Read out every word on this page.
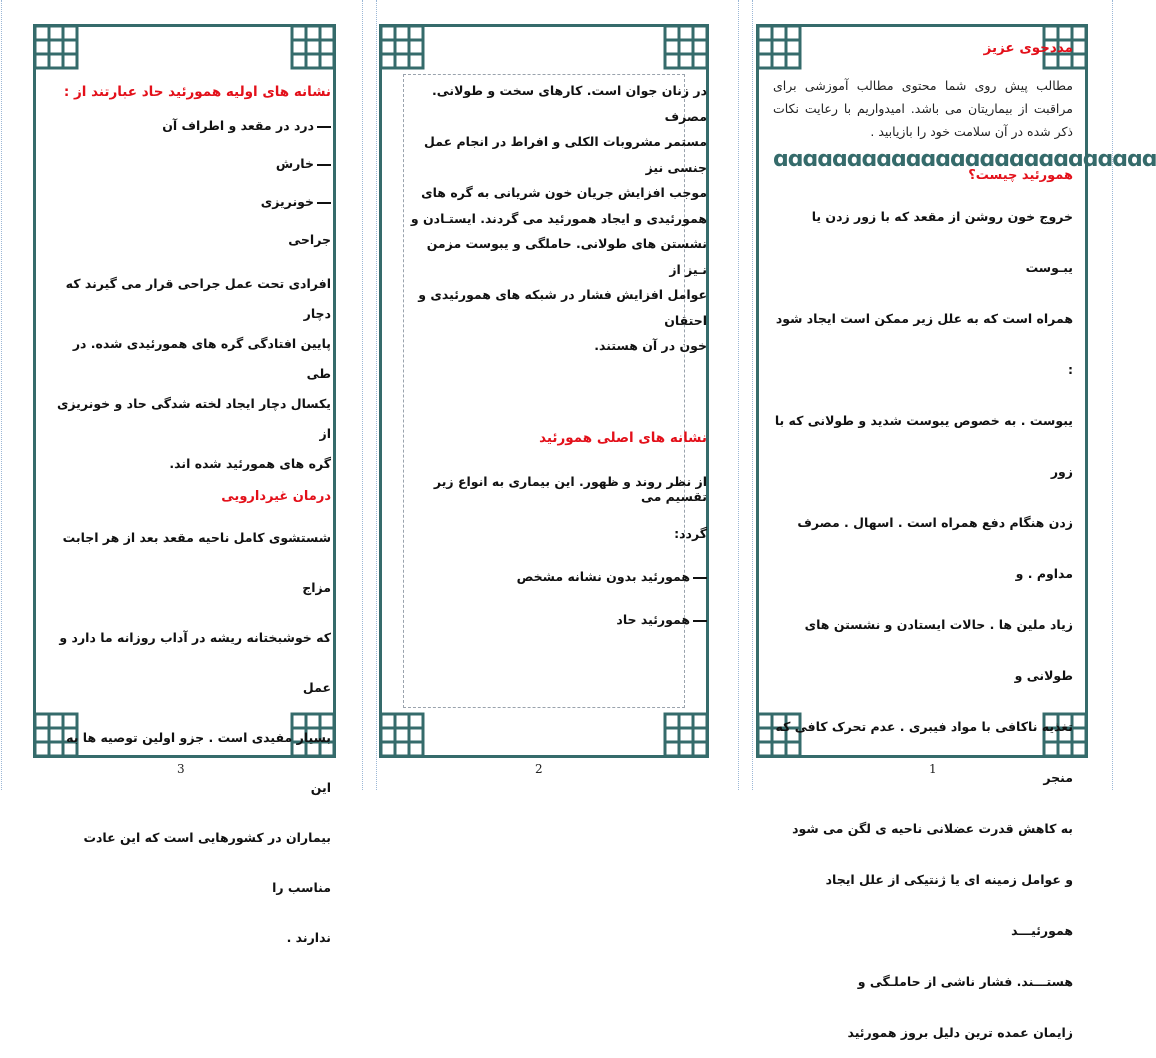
نشانه های اولیه همورئید حاد عبارتند از :

درد در مقعد و اطراف آن

خارش

خونریزی

جراحی

افرادی تحت عمل جراحی قرار می گیرند که دچار

پایین افتادگی گره های همورئیدی شده. در طی

یکسال دچار ایجاد لخته شدگی حاد و خونریزی از

گره های همورئید شده اند.

درمان غیردارویی

شستشوی کامل ناحیه مقعد بعد از هر اجابت مزاج

که خوشبختانه ریشه در آداب روزانه ما دارد و عمل

بسیار مفیدی است . جزو اولین توصیه ها به این

بیماران در کشورهایی است که این عادت مناسب را

ندارند .

3

در زنان جوان است. کارهای سخت و طولانی. مصرف

مستمر مشروبات الکلی و افراط در انجام عمل جنسی نیز

موجب افزایش جریان خون شریانی به گره های

همورئیدی و ایجاد همورئید می گردند. ایستـادن و

نشستن های طولانی. حاملگی و یبوست مزمن نـیز از

عوامل افزایش فشار در شبکه های همورئیدی و احتقان

خون در آن هستند.

نشانه های اصلی همورئید

از نظر روند و ظهور. این بیماری به انواع زیر تقسیم می

گردد:

همورئید بدون نشانه مشخص

همورئید حاد

2

مددجوی عزیز

مطالب پیش روی شما محتوی مطالب آموزشی برای مراقبت از بیماریتان می باشد. امیدواریم با رعایت نکات ذکر شده در آن سلامت خود را بازیابید .

ɑɑɑɑɑɑɑɑɑɑɑɑɑɑɑɑɑɑɑɑɑɑɑɑɑɑ

همورئید چیست؟

خروج خون روشن از مقعد که با زور زدن یا یبـوست

همراه است که به علل زیر ممکن است ایجاد شود :

یبوست . به خصوص یبوست شدید و طولانی که با زور

زدن هنگام دفع همراه است . اسهال . مصرف مداوم . و

زیاد ملین ها . حالات ایستادن و نشستن های طولانی و

تغذیه ناکافی با مواد فیبری . عدم تحرک کافی که منجر

به کاهش قدرت عضلانی ناحیه ی لگن می شود

و عوامل زمینه ای یا ژنتیکی از علل ایجاد همورئیـــد

هستـــند. فشار ناشی از حاملـگی و

زایمان عمده ترین دلیل بروز همورئید

1
